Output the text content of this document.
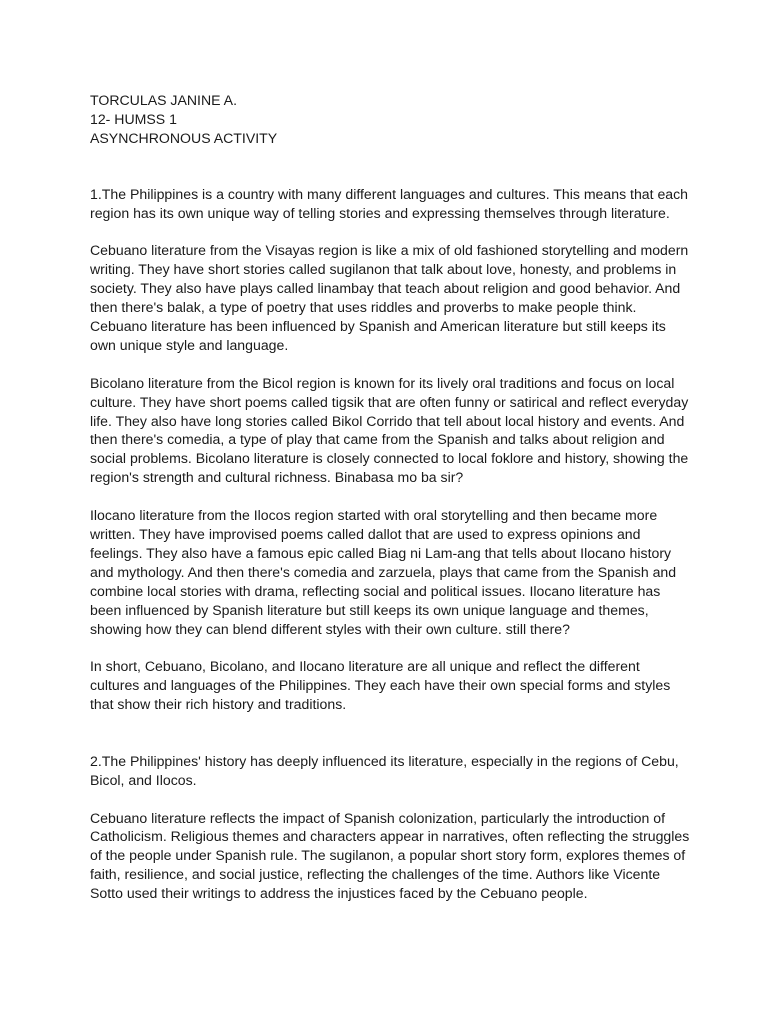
TORCULAS JANINE A.

12- HUMSS 1

ASYNCHRONOUS ACTIVITY

1.The Philippines is a country with many different languages and cultures. This means that each region has its own unique way of telling stories and expressing themselves through literature.

Cebuano literature from the Visayas region is like a mix of old fashioned storytelling and modern writing. They have short stories called sugilanon that talk about love, honesty, and problems in society. They also have plays called linambay that teach about religion and good behavior. And then there's balak, a type of poetry that uses riddles and proverbs to make people think. Cebuano literature has been influenced by Spanish and American literature but still keeps its own unique style and language.

Bicolano literature from the Bicol region is known for its lively oral traditions and focus on local culture. They have short poems called tigsik that are often funny or satirical and reflect everyday life. They also have long stories called Bikol Corrido that tell about local history and events. And then there's comedia, a type of play that came from the Spanish and talks about religion and social problems. Bicolano literature is closely connected to local foklore and history, showing the region's strength and cultural richness. Binabasa mo ba sir?

Ilocano literature from the Ilocos region started with oral storytelling and then became more written. They have improvised poems called dallot that are used to express opinions and feelings. They also have a famous epic called Biag ni Lam-ang that tells about Ilocano history and mythology. And then there's comedia and zarzuela, plays that came from the Spanish and combine local stories with drama, reflecting social and political issues. Ilocano literature has been influenced by Spanish literature but still keeps its own unique language and themes, showing how they can blend different styles with their own culture. still there?

In short, Cebuano, Bicolano, and Ilocano literature are all unique and reflect the different cultures and languages of the Philippines. They each have their own special forms and styles that show their rich history and traditions.

2.The Philippines' history has deeply influenced its literature, especially in the regions of Cebu, Bicol, and Ilocos.

Cebuano literature reflects the impact of Spanish colonization, particularly the introduction of Catholicism. Religious themes and characters appear in narratives, often reflecting the struggles of the people under Spanish rule. The sugilanon, a popular short story form, explores themes of faith, resilience, and social justice, reflecting the challenges of the time. Authors like Vicente Sotto used their writings to address the injustices faced by the Cebuano people.
